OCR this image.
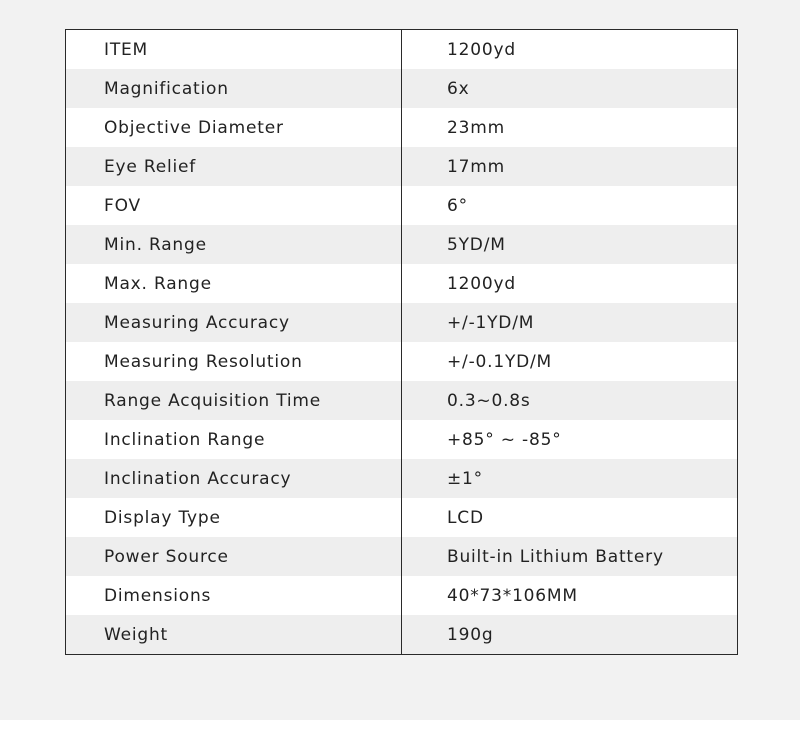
ITEM	1200yd
Magnification	6x
Objective Diameter	23mm
Eye Relief	17mm
FOV	6°
Min. Range	5YD/M
Max. Range	1200yd
Measuring Accuracy	+/-1YD/M
Measuring Resolution	+/-0.1YD/M
Range Acquisition Time	0.3~0.8s
Inclination Range	+85° ~ -85°
Inclination Accuracy	±1°
Display Type	LCD
Power Source	Built-in Lithium Battery
Dimensions	40*73*106MM
Weight	190g
